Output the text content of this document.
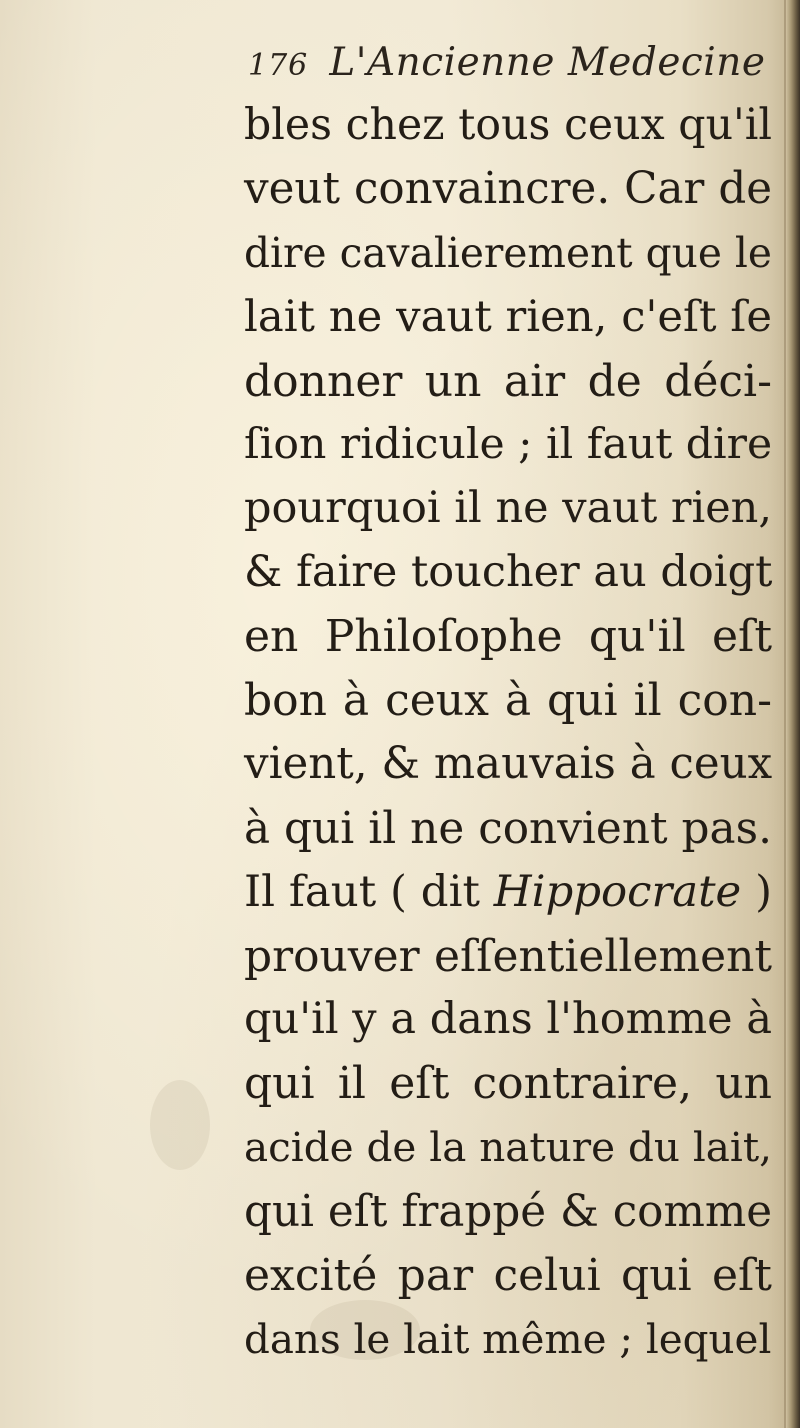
176 L'Ancienne Medecine
bles chez tous ceux qu'il
veut convaincre. Car de
dire cavalierement que le
lait ne vaut rien, c'eſt ſe
donner un air de déci-
ſion ridicule ; il faut dire
pourquoi il ne vaut rien,
& faire toucher au doigt
en Philoſophe qu'il eſt
bon à ceux à qui il con-
vient, & mauvais à ceux
à qui il ne convient pas.
Il faut ( dit Hippocrate )
prouver eſſentiellement
qu'il y a dans l'homme à
qui il eſt contraire, un
acide de la nature du lait,
qui eſt frappé & comme
excité par celui qui eſt
dans le lait même ; lequel
